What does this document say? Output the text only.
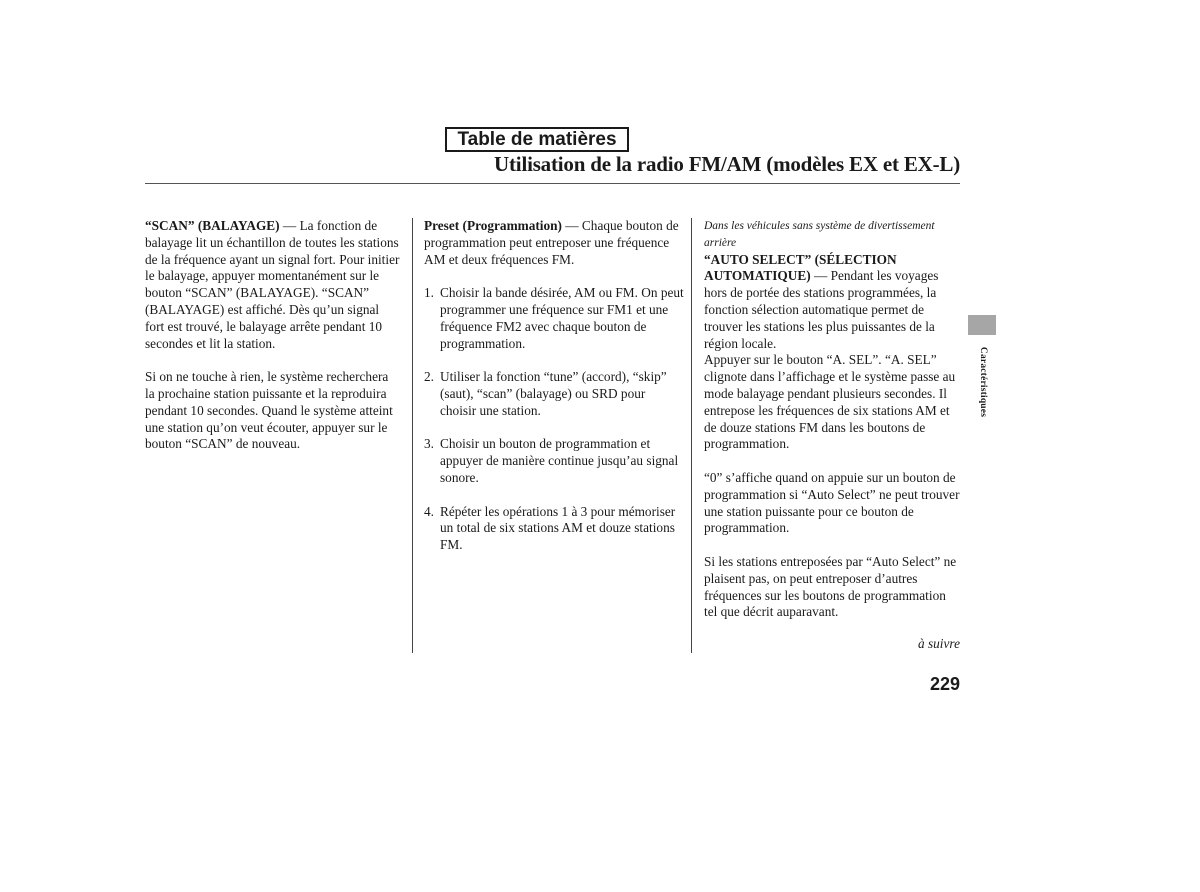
Table de matières
Utilisation de la radio FM/AM (modèles EX et EX-L)

“SCAN” (BALAYAGE) — La fonction de balayage lit un échantillon de toutes les stations de la fréquence ayant un signal fort. Pour initier le balayage, appuyer momentanément sur le bouton “SCAN” (BALAYAGE). “SCAN” (BALAYAGE) est affiché. Dès qu’un signal fort est trouvé, le balayage arrête pendant 10 secondes et lit la station.

Si on ne touche à rien, le système recherchera la prochaine station puissante et la reproduira pendant 10 secondes. Quand le système atteint une station qu’on veut écouter, appuyer sur le bouton “SCAN” de nouveau.

Preset (Programmation) — Chaque bouton de programmation peut entreposer une fréquence AM et deux fréquences FM.

1. Choisir la bande désirée, AM ou FM. On peut programmer une fréquence sur FM1 et une fréquence FM2 avec chaque bouton de programmation.
2. Utiliser la fonction “tune” (accord), “skip” (saut), “scan” (balayage) ou SRD pour choisir une station.
3. Choisir un bouton de programmation et appuyer de manière continue jusqu’au signal sonore.
4. Répéter les opérations 1 à 3 pour mémoriser un total de six stations AM et douze stations FM.

Dans les véhicules sans système de divertissement arrière

“AUTO SELECT” (SÉLECTION AUTOMATIQUE) — Pendant les voyages hors de portée des stations programmées, la fonction sélection automatique permet de trouver les stations les plus puissantes de la région locale.

Appuyer sur le bouton “A. SEL”. “A. SEL” clignote dans l’affichage et le système passe au mode balayage pendant plusieurs secondes. Il entrepose les fréquences de six stations AM et de douze stations FM dans les boutons de programmation.

“0” s’affiche quand on appuie sur un bouton de programmation si “Auto Select” ne peut trouver une station puissante pour ce bouton de programmation.

Si les stations entreposées par “Auto Select” ne plaisent pas, on peut entreposer d’autres fréquences sur les boutons de programmation tel que décrit auparavant.

à suivre
229
Caractéristiques
